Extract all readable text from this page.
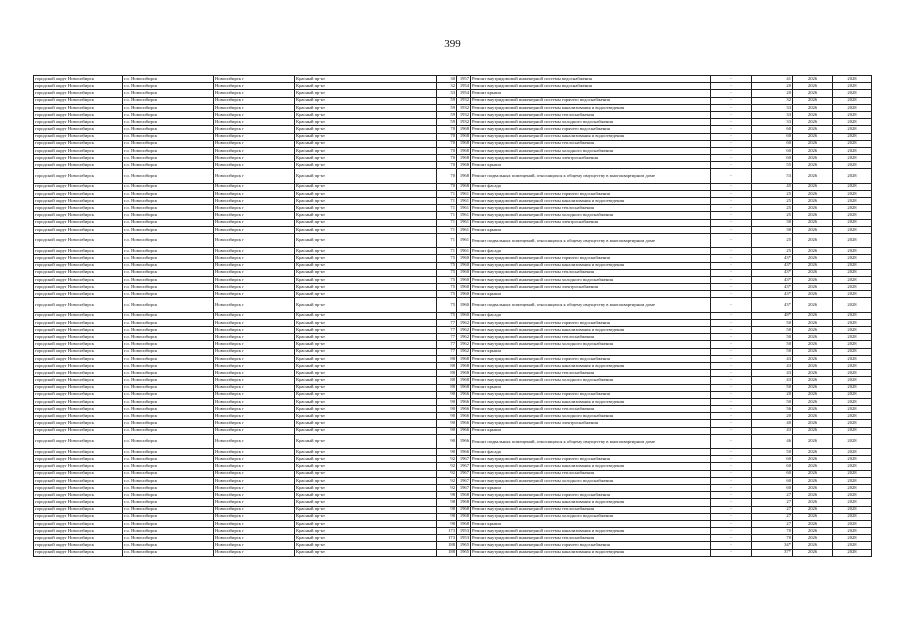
399
городской округ Новосибирск	г.о. Новосибирск	Новосибирск г	Красный пр-кт	30	1957	Ремонт внутридомовой инженерной системы водоснабжения	-	41	2026	2028
городской округ Новосибирск	г.о. Новосибирск	Новосибирск г	Красный пр-кт	32	1954	Ремонт внутридомовой инженерной системы водоснабжения	-	20	2026	2028
городской округ Новосибирск	г.о. Новосибирск	Новосибирск г	Красный пр-кт	33	1954	Ремонт крыши	-	20	2026	2028
городской округ Новосибирск	г.о. Новосибирск	Новосибирск г	Красный пр-кт	59	1932	Ремонт внутридомовой инженерной системы горячего водоснабжения	-	32	2026	2028
городской округ Новосибирск	г.о. Новосибирск	Новосибирск г	Красный пр-кт	59	1932	Ремонт внутридомовой инженерной системы канализования и водоотведения	-	33	2026	2028
городской округ Новосибирск	г.о. Новосибирск	Новосибирск г	Красный пр-кт	59	1932	Ремонт внутридомовой инженерной системы теплоснабжения	-	33	2026	2028
городской округ Новосибирск	г.о. Новосибирск	Новосибирск г	Красный пр-кт	59	1932	Ремонт внутридомовой инженерной системы холодного водоснабжения	-	33	2026	2028
городской округ Новосибирск	г.о. Новосибирск	Новосибирск г	Красный пр-кт	70	1968	Ремонт внутридомовой инженерной системы горячего водоснабжения	-	60	2026	2028
городской округ Новосибирск	г.о. Новосибирск	Новосибирск г	Красный пр-кт	70	1968	Ремонт внутридомовой инженерной системы канализования и водоотведения	-	60	2026	2028
городской округ Новосибирск	г.о. Новосибирск	Новосибирск г	Красный пр-кт	70	1968	Ремонт внутридомовой инженерной системы теплоснабжения	-	60	2026	2028
городской округ Новосибирск	г.о. Новосибирск	Новосибирск г	Красный пр-кт	70	1968	Ремонт внутридомовой инженерной системы холодного водоснабжения	-	60	2026	2028
городской округ Новосибирск	г.о. Новосибирск	Новосибирск г	Красный пр-кт	70	1968	Ремонт внутридомовой инженерной системы электроснабжения	-	60	2026	2028
городской округ Новосибирск	г.о. Новосибирск	Новосибирск г	Красный пр-кт	70	1968	Ремонт крыши	-	55	2026	2028
городской округ Новосибирск	г.о. Новосибирск	Новосибирск г	Красный пр-кт	70	1968	Ремонт подвальных помещений, относящихся к общему имуществу в многоквартирном доме	-	53	2026	2028
городской округ Новосибирск	г.о. Новосибирск	Новосибирск г	Красный пр-кт	70	1968	Ремонт фасада	-	45	2026	2028
городской округ Новосибирск	г.о. Новосибирск	Новосибирск г	Красный пр-кт	71	1961	Ремонт внутридомовой инженерной системы горячего водоснабжения	-	25	2026	2028
городской округ Новосибирск	г.о. Новосибирск	Новосибирск г	Красный пр-кт	71	1961	Ремонт внутридомовой инженерной системы канализования и водоотведения	-	25	2026	2028
городской округ Новосибирск	г.о. Новосибирск	Новосибирск г	Красный пр-кт	71	1961	Ремонт внутридомовой инженерной системы теплоснабжения	-	25	2026	2028
городской округ Новосибирск	г.о. Новосибирск	Новосибирск г	Красный пр-кт	71	1961	Ремонт внутридомовой инженерной системы холодного водоснабжения	-	25	2026	2028
городской округ Новосибирск	г.о. Новосибирск	Новосибирск г	Красный пр-кт	71	1961	Ремонт внутридомовой инженерной системы электроснабжения	-	30	2026	2028
городской округ Новосибирск	г.о. Новосибирск	Новосибирск г	Красный пр-кт	71	1961	Ремонт крыши	-	30	2026	2028
городской округ Новосибирск	г.о. Новосибирск	Новосибирск г	Красный пр-кт	71	1961	Ремонт подвальных помещений, относящихся к общему имуществу в многоквартирном доме	-	25	2026	2028
городской округ Новосибирск	г.о. Новосибирск	Новосибирск г	Красный пр-кт	71	1961	Ремонт фасада	-	25	2026	2028
городской округ Новосибирск	г.о. Новосибирск	Новосибирск г	Красный пр-кт	75	1960	Ремонт внутридомовой инженерной системы горячего водоснабжения	-	43*	2026	2028
городской округ Новосибирск	г.о. Новосибирск	Новосибирск г	Красный пр-кт	75	1960	Ремонт внутридомовой инженерной системы канализования и водоотведения	-	43*	2026	2028
городской округ Новосибирск	г.о. Новосибирск	Новосибирск г	Красный пр-кт	75	1960	Ремонт внутридомовой инженерной системы теплоснабжения	-	43*	2026	2028
городской округ Новосибирск	г.о. Новосибирск	Новосибирск г	Красный пр-кт	75	1960	Ремонт внутридомовой инженерной системы холодного водоснабжения	-	43*	2026	2028
городской округ Новосибирск	г.о. Новосибирск	Новосибирск г	Красный пр-кт	75	1960	Ремонт внутридомовой инженерной системы электроснабжения	-	43*	2026	2028
городской округ Новосибирск	г.о. Новосибирск	Новосибирск г	Красный пр-кт	75	1960	Ремонт крыши	-	43*	2026	2028
городской округ Новосибирск	г.о. Новосибирск	Новосибирск г	Красный пр-кт	75	1960	Ремонт подвальных помещений, относящихся к общему имуществу в многоквартирном доме	-	43*	2026	2028
городской округ Новосибирск	г.о. Новосибирск	Новосибирск г	Красный пр-кт	75	1960	Ремонт фасада	-	48*	2026	2028
городской округ Новосибирск	г.о. Новосибирск	Новосибирск г	Красный пр-кт	77	1962	Ремонт внутридомовой инженерной системы горячего водоснабжения	-	50	2026	2028
городской округ Новосибирск	г.о. Новосибирск	Новосибирск г	Красный пр-кт	77	1962	Ремонт внутридомовой инженерной системы канализования и водоотведения	-	50	2026	2028
городской округ Новосибирск	г.о. Новосибирск	Новосибирск г	Красный пр-кт	77	1962	Ремонт внутридомовой инженерной системы теплоснабжения	-	50	2026	2028
городской округ Новосибирск	г.о. Новосибирск	Новосибирск г	Красный пр-кт	77	1962	Ремонт внутридомовой инженерной системы холодного водоснабжения	-	50	2026	2028
городской округ Новосибирск	г.о. Новосибирск	Новосибирск г	Красный пр-кт	77	1962	Ремонт крыши	-	50	2026	2028
городской округ Новосибирск	г.о. Новосибирск	Новосибирск г	Красный пр-кт	88	1968	Ремонт внутридомовой инженерной системы горячего водоснабжения	-	43	2026	2028
городской округ Новосибирск	г.о. Новосибирск	Новосибирск г	Красный пр-кт	88	1968	Ремонт внутридомовой инженерной системы канализования и водоотведения	-	43	2026	2028
городской округ Новосибирск	г.о. Новосибирск	Новосибирск г	Красный пр-кт	88	1968	Ремонт внутридомовой инженерной системы теплоснабжения	-	43	2026	2028
городской округ Новосибирск	г.о. Новосибирск	Новосибирск г	Красный пр-кт	88	1968	Ремонт внутридомовой инженерной системы холодного водоснабжения	-	43	2026	2028
городской округ Новосибирск	г.о. Новосибирск	Новосибирск г	Красный пр-кт	88	1968	Ремонт крыши	-	50	2026	2028
городской округ Новосибирск	г.о. Новосибирск	Новосибирск г	Красный пр-кт	90	1966	Ремонт внутридомовой инженерной системы горячего водоснабжения	-	20	2026	2028
городской округ Новосибирск	г.о. Новосибирск	Новосибирск г	Красный пр-кт	90	1966	Ремонт внутридомовой инженерной системы канализования и водоотведения	-	50	2026	2028
городской округ Новосибирск	г.о. Новосибирск	Новосибирск г	Красный пр-кт	90	1966	Ремонт внутридомовой инженерной системы теплоснабжения	-	56	2026	2028
городской округ Новосибирск	г.о. Новосибирск	Новосибирск г	Красный пр-кт	90	1966	Ремонт внутридомовой инженерной системы холодного водоснабжения	-	20	2026	2028
городской округ Новосибирск	г.о. Новосибирск	Новосибирск г	Красный пр-кт	90	1966	Ремонт внутридомовой инженерной системы электроснабжения	-	40	2026	2028
городской округ Новосибирск	г.о. Новосибирск	Новосибирск г	Красный пр-кт	90	1966	Ремонт крыши	-	43	2026	2028
городской округ Новосибирск	г.о. Новосибирск	Новосибирск г	Красный пр-кт	90	1966	Ремонт подвальных помещений, относящихся к общему имуществу в многоквартирном доме	-	46	2026	2028
городской округ Новосибирск	г.о. Новосибирск	Новосибирск г	Красный пр-кт	90	1966	Ремонт фасада	-	50	2026	2028
городской округ Новосибирск	г.о. Новосибирск	Новосибирск г	Красный пр-кт	92	1967	Ремонт внутридомовой инженерной системы горячего водоснабжения	-	60	2026	2028
городской округ Новосибирск	г.о. Новосибирск	Новосибирск г	Красный пр-кт	92	1967	Ремонт внутридомовой инженерной системы канализования и водоотведения	-	60	2026	2028
городской округ Новосибирск	г.о. Новосибирск	Новосибирск г	Красный пр-кт	92	1967	Ремонт внутридомовой инженерной системы теплоснабжения	-	60	2026	2028
городской округ Новосибирск	г.о. Новосибирск	Новосибирск г	Красный пр-кт	92	1967	Ремонт внутридомовой инженерной системы холодного водоснабжения	-	60	2026	2028
городской округ Новосибирск	г.о. Новосибирск	Новосибирск г	Красный пр-кт	92	1967	Ремонт крыши	-	60	2026	2028
городской округ Новосибирск	г.о. Новосибирск	Новосибирск г	Красный пр-кт	98	1968	Ремонт внутридомовой инженерной системы горячего водоснабжения	-	27	2026	2028
городской округ Новосибирск	г.о. Новосибирск	Новосибирск г	Красный пр-кт	98	1968	Ремонт внутридомовой инженерной системы канализования и водоотведения	-	27	2026	2028
городской округ Новосибирск	г.о. Новосибирск	Новосибирск г	Красный пр-кт	98	1968	Ремонт внутридомовой инженерной системы теплоснабжения	-	27	2026	2028
городской округ Новосибирск	г.о. Новосибирск	Новосибирск г	Красный пр-кт	98	1968	Ремонт внутридомовой инженерной системы холодного водоснабжения	-	27	2026	2028
городской округ Новосибирск	г.о. Новосибирск	Новосибирск г	Красный пр-кт	98	1968	Ремонт крыши	-	27	2026	2028
городской округ Новосибирск	г.о. Новосибирск	Новосибирск г	Красный пр-кт	173	1953	Ремонт внутридомовой инженерной системы канализования и водоотведения	-	70	2026	2028
городской округ Новосибирск	г.о. Новосибирск	Новосибирск г	Красный пр-кт	173	1953	Ремонт внутридомовой инженерной системы теплоснабжения	-	70	2026	2028
городской округ Новосибирск	г.о. Новосибирск	Новосибирск г	Красный пр-кт	188	1965	Ремонт внутридомовой инженерной системы горячего водоснабжения	-	34*	2026	2028
городской округ Новосибирск	г.о. Новосибирск	Новосибирск г	Красный пр-кт	188	1965	Ремонт внутридомовой инженерной системы канализования и водоотведения	-	37*	2026	2028
